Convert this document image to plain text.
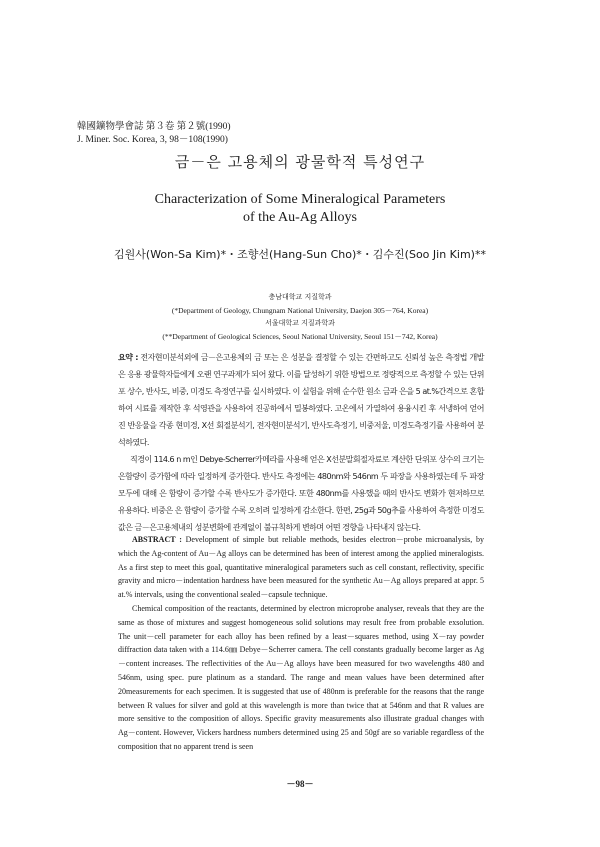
韓國鑛物學會誌 第３卷 第２號(1990)
J. Miner. Soc. Korea, 3, 98－108(1990)
금－은 고용체의 광물학적 특성연구
Characterization of Some Mineralogical Parameters
of the Au-Ag Alloys
김원사(Won-Sa Kim)*・조향선(Hang-Sun Cho)*・김수진(Soo Jin Kim)**
충남대학교 지질학과
(*Department of Geology, Chungnam National University, Daejon 305－764, Korea)
서울대학교 지질과학과
(**Department of Geological Sciences, Seoul National University, Seoul 151－742, Korea)

요약 : 전자현미분석외에 금－은고용체의 금 또는 은 성분을 결정할 수 있는 간편하고도 신뢰성 높은 측정법 개발은 응용 광물학자들에게 오랜 연구과제가 되어 왔다. 이를 달성하기 위한 방법으로 정량적으로 측정할 수 있는 단위포 상수, 반사도, 비중, 미경도 측정연구를 실시하였다. 이 실험을 위해 순수한 원소 금과 은을 5 at.%간격으로 혼합하여 시료를 제작한 후 석영관을 사용하여 진공하에서 밀봉하였다. 고온에서 가열하여 용융시킨 후 서냉하여 얻어진 반응물을 각종 현미경, X선 회절분석기, 전자현미분석기, 반사도측정기, 비중저울, 미경도측정기를 사용하여 분석하였다.

직경이 114.6 n m인 Debye-Scherrer카메라를 사용해 얻은 X선분말회절자료로 계산한 단위포 상수의 크기는 은함량이 증가함에 따라 일정하게 증가한다. 반사도 측정에는 480nm와 546nm 두 파장을 사용하였는데 두 파장 모두에 대해 은 함량이 증가할 수록 반사도가 증가한다. 또한 480nm를 사용했을 때의 반사도 변화가 현저하므로 유용하다. 비중은 은 함량이 증가할 수록 오히려 일정하게 감소한다. 한편, 25g과 50g추를 사용하여 측정한 미경도 값은 금－은고용체내의 성분변화에 관계없이 불규칙하게 변하며 어떤 경향을 나타내지 않는다.

ABSTRACT : Development of simple but reliable methods, besides electron－probe microanalysis, by which the Ag-content of Au－Ag alloys can be determined has been of interest among the applied mineralogists. As a first step to meet this goal, quantitative mineralogical parameters such as cell constant, reflectivity, specific gravity and micro－indentation hardness have been measured for the synthetic Au－Ag alloys prepared at appr. 5 at.% intervals, using the conventional sealed－capsule technique.

Chemical composition of the reactants, determined by electron microprobe analyser, reveals that they are the same as those of mixtures and suggest homogeneous solid solutions may result free from probable exsolution. The unit－cell parameter for each alloy has been refined by a least－squares method, using X－ray powder diffraction data taken with a 114.6㎜ Debye－Scherrer camera. The cell constants gradually become larger as Ag－content increases. The reflectivities of the Au－Ag alloys have been measured for two wavelengths 480 and 546nm, using spec. pure platinum as a standard. The range and mean values have been determined after 20measurements for each specimen. It is suggested that use of 480nm is preferable for the reasons that the range between R values for silver and gold at this wavelength is more than twice that at 546nm and that R values are more sensitive to the composition of alloys. Specific gravity measurements also illustrate gradual changes with Ag－content. However, Vickers hardness numbers determined using 25 and 50gf are so variable regardless of the composition that no apparent trend is seen

－98－
